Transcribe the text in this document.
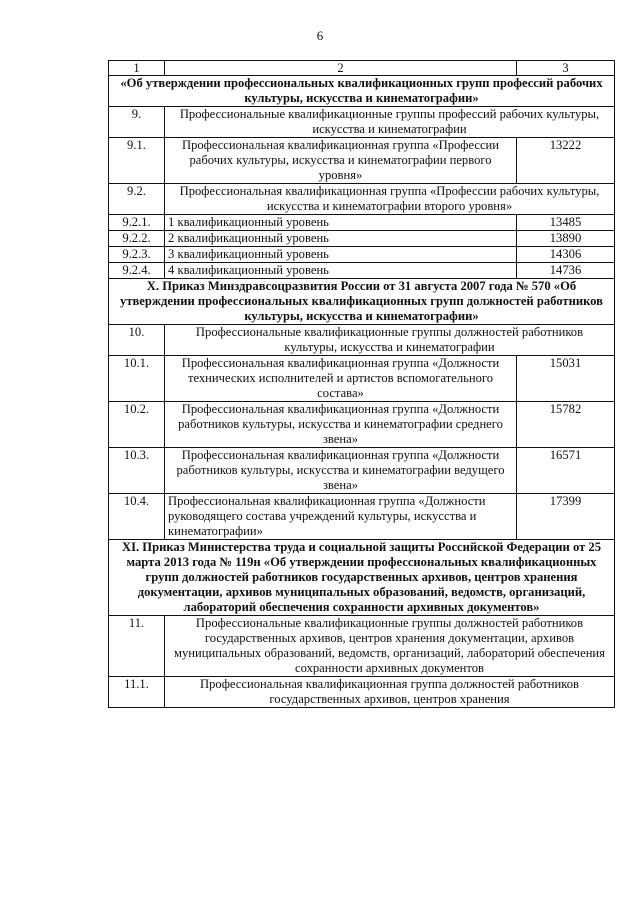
6
1	2	3
«Об утверждении профессиональных квалификационных групп профессий рабочих культуры, искусства и кинематографии»		
9.	Профессиональные квалификационные группы профессий рабочих культуры, искусства и кинематографии	
9.1.	Профессиональная квалификационная группа «Профессии рабочих культуры, искусства и кинематографии первого уровня»	13222
9.2.	Профессиональная квалификационная группа «Профессии рабочих культуры, искусства и кинематографии второго уровня»	
9.2.1.	1 квалификационный уровень	13485
9.2.2.	2 квалификационный уровень	13890
9.2.3.	3 квалификационный уровень	14306
9.2.4.	4 квалификационный уровень	14736
X. Приказ Минздравсоцразвития России от 31 августа 2007 года № 570 «Об утверждении профессиональных квалификационных групп должностей работников культуры, искусства и кинематографии»		
10.	Профессиональные квалификационные группы должностей работников культуры, искусства и кинематографии	
10.1.	Профессиональная квалификационная группа «Должности технических исполнителей и артистов вспомогательного состава»	15031
10.2.	Профессиональная квалификационная группа «Должности работников культуры, искусства и кинематографии среднего звена»	15782
10.3.	Профессиональная квалификационная группа «Должности работников культуры, искусства и кинематографии ведущего звена»	16571
10.4.	Профессиональная квалификационная группа «Должности руководящего состава учреждений культуры, искусства и кинематографии»	17399
XI. Приказ Министерства труда и социальной защиты Российской Федерации от 25 марта 2013 года № 119н «Об утверждении профессиональных квалификационных групп должностей работников государственных архивов, центров хранения документации, архивов муниципальных образований, ведомств, организаций, лабораторий обеспечения сохранности архивных документов»		
11.	Профессиональные квалификационные группы должностей работников государственных архивов, центров хранения документации, архивов муниципальных образований, ведомств, организаций, лабораторий обеспечения сохранности архивных документов	
11.1.	Профессиональная квалификационная группа должностей работников государственных архивов, центров хранения	
